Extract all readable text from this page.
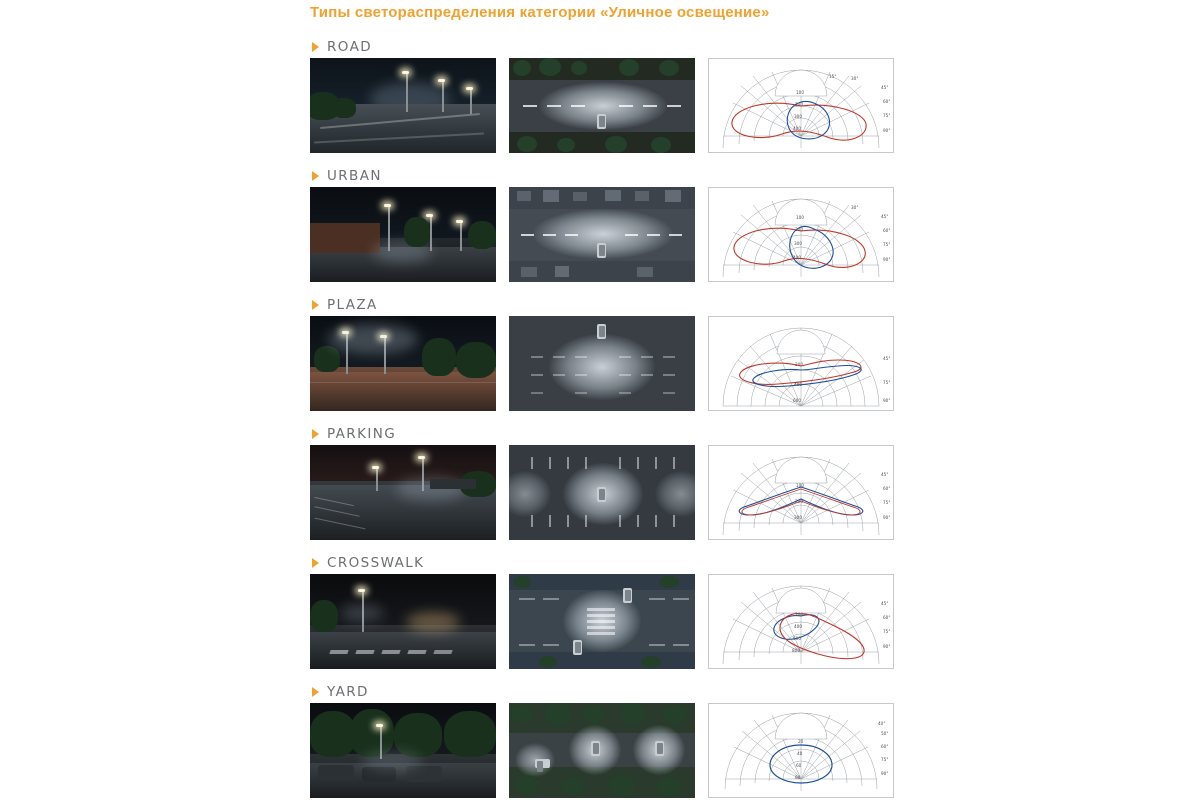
Типы светораспределения категории «Уличное освещение»
ROAD
90°
75°
60°
45°
30°
15°
100
200
300
400
URBAN
90°
75°
60°
45°
30°
100
200
300
400
PLAZA
90°
75°
45°
200
400
600
PARKING
90°
75°
60°
45°
100
200
300
CROSSWALK
90°
75°
60°
45°
200
400
600
800
YARD
90°
75°
60°
50°
40°
20
40
60
80
